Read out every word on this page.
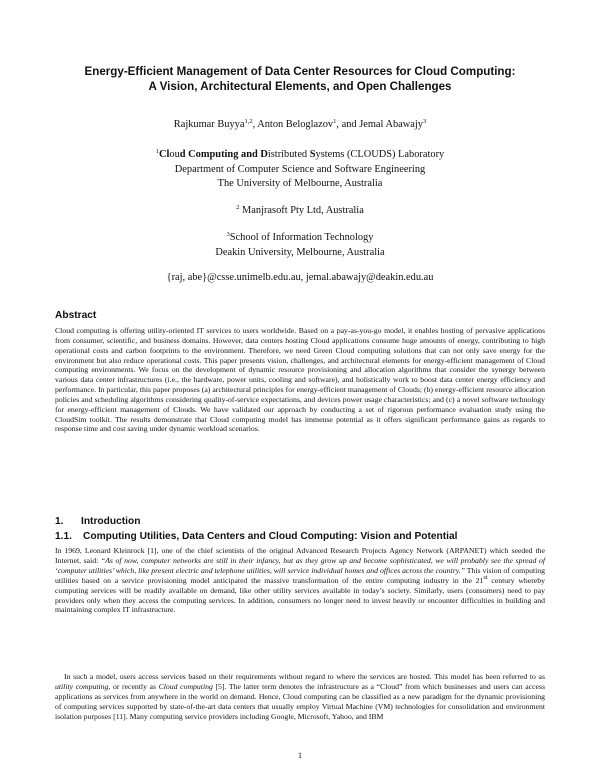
Energy-Efficient Management of Data Center Resources for Cloud Computing:
A Vision, Architectural Elements, and Open Challenges
Rajkumar Buyya$^{1,2}$, Anton Beloglazov$^1$, and Jemal Abawajy$^3$
$^1$Cloud Computing and Distributed Systems (CLOUDS) Laboratory
Department of Computer Science and Software Engineering
The University of Melbourne, Australia
$^2$ Manjrasoft Pty Ltd, Australia
$^3$School of Information Technology
Deakin University, Melbourne, Australia
{raj, abe}@csse.unimelb.edu.au, jemal.abawajy@deakin.edu.au
Abstract

Cloud computing is offering utility-oriented IT services to users worldwide. Based on a pay-as-you-go model, it enables hosting of pervasive applications from consumer, scientific, and business domains. However, data centers hosting Cloud applications consume huge amounts of energy, contributing to high operational costs and carbon footprints to the environment. Therefore, we need Green Cloud computing solutions that can not only save energy for the environment but also reduce operational costs. This paper presents vision, challenges, and architectural elements for energy-efficient management of Cloud computing environments. We focus on the development of dynamic resource provisioning and allocation algorithms that consider the synergy between various data center infrastructures (i.e., the hardware, power units, cooling and software), and holistically work to boost data center energy efficiency and performance. In particular, this paper proposes (a) architectural principles for energy-efficient management of Clouds; (b) energy-efficient resource allocation policies and scheduling algorithms considering quality-of-service expectations, and devices power usage characteristics; and (c) a novel software technology for energy-efficient management of Clouds. We have validated our approach by conducting a set of rigorous performance evaluation study using the CloudSim toolkit. The results demonstrate that Cloud computing model has immense potential as it offers significant performance gains as regards to response time and cost saving under dynamic workload scenarios.

1. Introduction
1.1. Computing Utilities, Data Centers and Cloud Computing: Vision and Potential

In 1969, Leonard Kleinrock [1], one of the chief scientists of the original Advanced Research Projects Agency Network (ARPANET) which seeded the Internet, said: “As of now, computer networks are still in their infancy, but as they grow up and become sophisticated, we will probably see the spread of ‘computer utilities’ which, like present electric and telephone utilities, will service individual homes and offices across the country.” This vision of computing utilities based on a service provisioning model anticipated the massive transformation of the entire computing industry in the 21st century whereby computing services will be readily available on demand, like other utility services available in today’s society. Similarly, users (consumers) need to pay providers only when they access the computing services. In addition, consumers no longer need to invest heavily or encounter difficulties in building and maintaining complex IT infrastructure.

In such a model, users access services based on their requirements without regard to where the services are hosted. This model has been referred to as utility computing, or recently as Cloud computing [5]. The latter term denotes the infrastructure as a “Cloud” from which businesses and users can access applications as services from anywhere in the world on demand. Hence, Cloud computing can be classified as a new paradigm for the dynamic provisioning of computing services supported by state-of-the-art data centers that usually employ Virtual Machine (VM) technologies for consolidation and environment isolation purposes [11]. Many computing service providers including Google, Microsoft, Yahoo, and IBM

1
